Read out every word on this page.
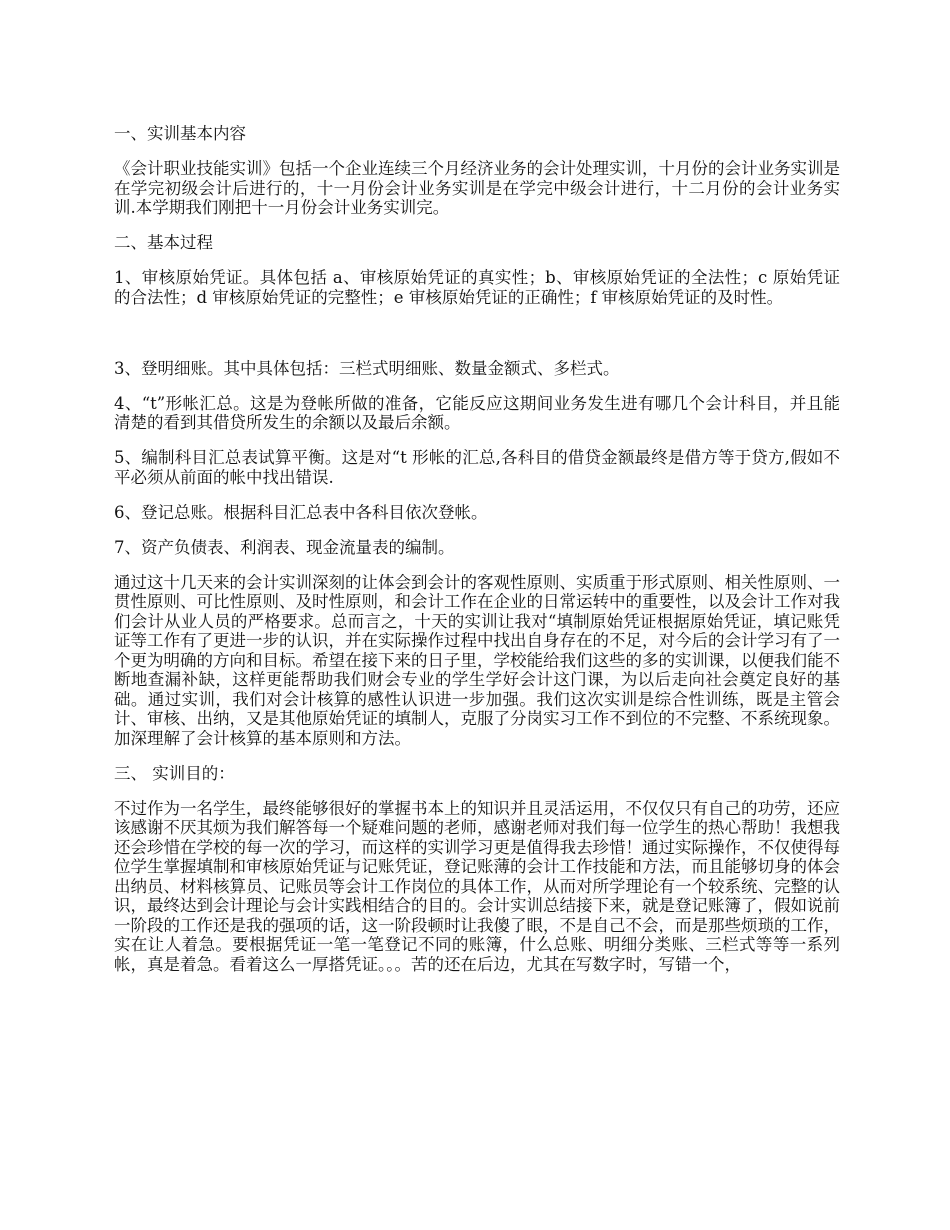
一、实训基本内容
《会计职业技能实训》包括一个企业连续三个月经济业务的会计处理实训，十月份的会计业务实训是在学完初级会计后进行的，十一月份会计业务实训是在学完中级会计进行，十二月份的会计业务实训.本学期我们刚把十一月份会计业务实训完。
二、基本过程
1、审核原始凭证。具体包括 a、审核原始凭证的真实性；b、审核原始凭证的全法性；c 原始凭证的合法性；d 审核原始凭证的完整性；e 审核原始凭证的正确性；f 审核原始凭证的及时性。
3、登明细账。其中具体包括：三栏式明细账、数量金额式、多栏式。
4、“t”形帐汇总。这是为登帐所做的准备，它能反应这期间业务发生进有哪几个会计科目，并且能清楚的看到其借贷所发生的余额以及最后余额。
5、编制科目汇总表试算平衡。这是对“t 形帐的汇总,各科目的借贷金额最终是借方等于贷方,假如不平必须从前面的帐中找出错误.
6、登记总账。根据科目汇总表中各科目依次登帐。
7、资产负债表、利润表、现金流量表的编制。
通过这十几天来的会计实训深刻的让体会到会计的客观性原则、实质重于形式原则、相关性原则、一贯性原则、可比性原则、及时性原则，和会计工作在企业的日常运转中的重要性，以及会计工作对我们会计从业人员的严格要求。总而言之，十天的实训让我对“填制原始凭证根据原始凭证，填记账凭证等工作有了更进一步的认识，并在实际操作过程中找出自身存在的不足，对今后的会计学习有了一个更为明确的方向和目标。希望在接下来的日子里，学校能给我们这些的多的实训课，以便我们能不断地查漏补缺，这样更能帮助我们财会专业的学生学好会计这门课，为以后走向社会奠定良好的基础。通过实训，我们对会计核算的感性认识进一步加强。我们这次实训是综合性训练，既是主管会计、审核、出纳，又是其他原始凭证的填制人，克服了分岗实习工作不到位的不完整、不系统现象。加深理解了会计核算的基本原则和方法。
三、 实训目的：
不过作为一名学生，最终能够很好的掌握书本上的知识并且灵活运用，不仅仅只有自己的功劳，还应该感谢不厌其烦为我们解答每一个疑难问题的老师，感谢老师对我们每一位学生的热心帮助！我想我还会珍惜在学校的每一次的学习，而这样的实训学习更是值得我去珍惜！通过实际操作，不仅使得每位学生掌握填制和审核原始凭证与记账凭证，登记账薄的会计工作技能和方法，而且能够切身的体会出纳员、材料核算员、记账员等会计工作岗位的具体工作，从而对所学理论有一个较系统、完整的认识，最终达到会计理论与会计实践相结合的目的。会计实训总结接下来，就是登记账簿了，假如说前一阶段的工作还是我的强项的话，这一阶段顿时让我傻了眼，不是自己不会，而是那些烦琐的工作，实在让人着急。要根据凭证一笔一笔登记不同的账簿，什么总账、明细分类账、三栏式等等一系列帐，真是着急。看着这么一厚搭凭证。。。苦的还在后边，尤其在写数字时，写错一个，
